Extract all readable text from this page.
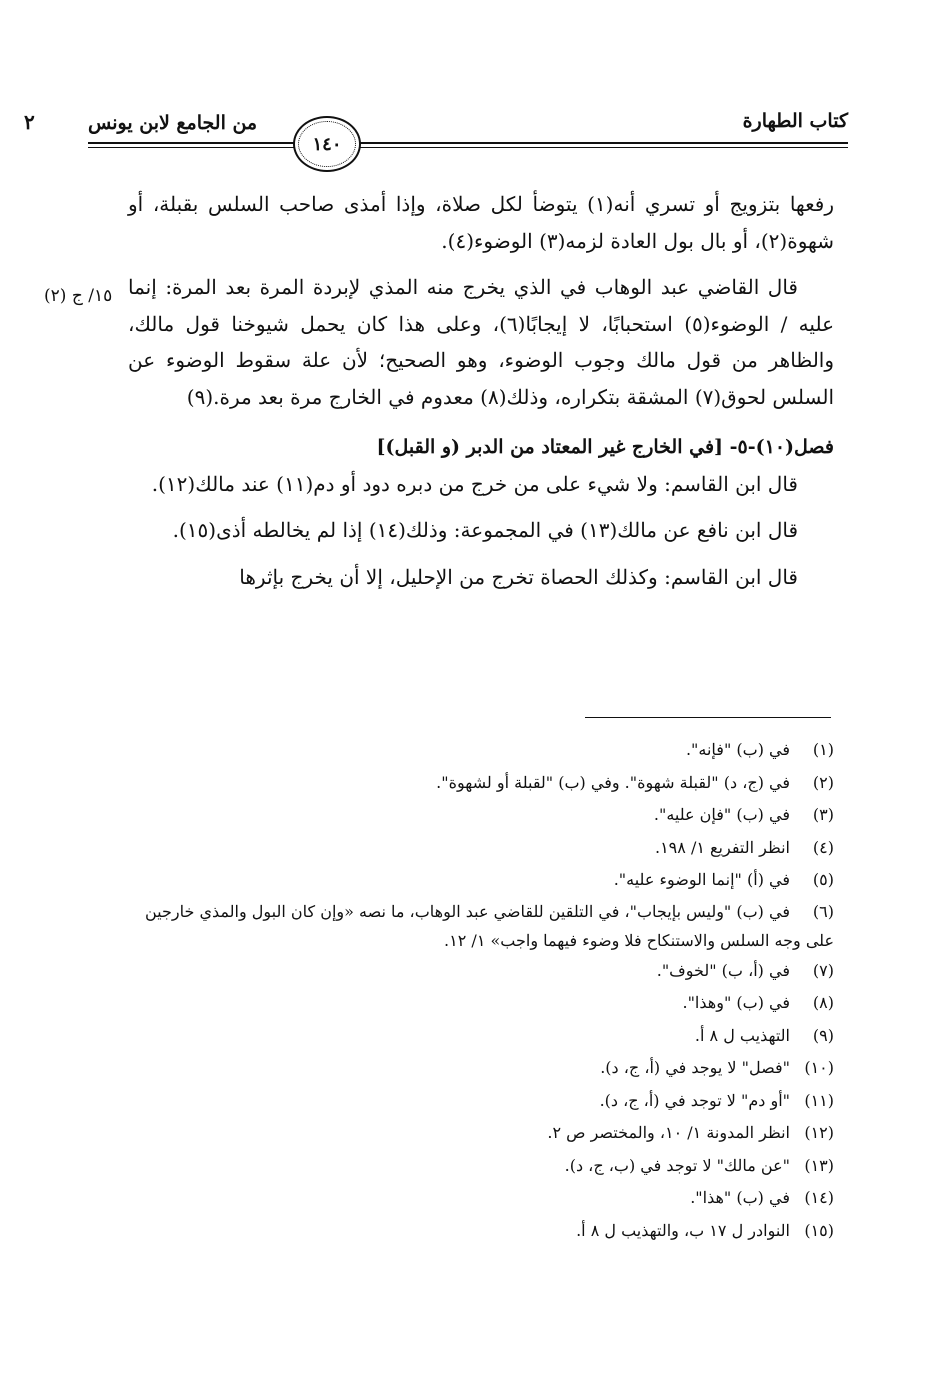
٢	من الجامع لابن يونس	كتاب الطهارة
١٤٠
١٥/ ج (٢)

رفعها بتزويج أو تسري أنه(١) يتوضأ لكل صلاة، وإذا أمذى صاحب السلس بقبلة، أو شهوة(٢)، أو بال بول العادة لزمه(٣) الوضوء(٤).

قال القاضي عبد الوهاب في الذي يخرج منه المذي لإبردة المرة بعد المرة: إنما عليه / الوضوء(٥) استحبابًا، لا إيجابًا(٦)، وعلى هذا كان يحمل شيوخنا قول مالك، والظاهر من قول مالك وجوب الوضوء، وهو الصحيح؛ لأن علة سقوط الوضوء عن السلس لحوق(٧) المشقة بتكراره، وذلك(٨) معدوم في الخارج مرة بعد مرة.(٩)

فصل(١٠)-٥- [في الخارج غير المعتاد من الدبر (و القبل)]

قال ابن القاسم: ولا شيء على من خرج من دبره دود أو دم(١١) عند مالك(١٢).

قال ابن نافع عن مالك(١٣) في المجموعة: وذلك(١٤) إذا لم يخالطه أذى(١٥).

قال ابن القاسم: وكذلك الحصاة تخرج من الإحليل، إلا أن يخرج بإثرها

(١)في (ب) "فإنه".

(٢)في (ج، د) "لقبلة شهوة". وفي (ب) "لقبلة أو لشهوة".

(٣)في (ب) "فإن عليه".

(٤)انظر التفريع ١/ ١٩٨.

(٥)في (أ) "إنما الوضوء عليه".

(٦)في (ب) "وليس بإيجاب"، في التلقين للقاضي عبد الوهاب، ما نصه «وإن كان البول والمذي خارجين على وجه السلس والاستنكاح فلا وضوء فيهما واجب» ١/ ١٢.

(٧)في (أ، ب) "لخوف".

(٨)في (ب) "وهذا".

(٩)التهذيب ل ٨ أ.

(١٠)"فصل" لا يوجد في (أ، ج، د).

(١١)"أو دم" لا توجد في (أ، ج، د).

(١٢)انظر المدونة ١/ ١٠، والمختصر ص ٢.

(١٣)"عن مالك" لا توجد في (ب، ج، د).

(١٤)في (ب) "هذا".

(١٥)النوادر ل ١٧ ب، والتهذيب ل ٨ أ.
